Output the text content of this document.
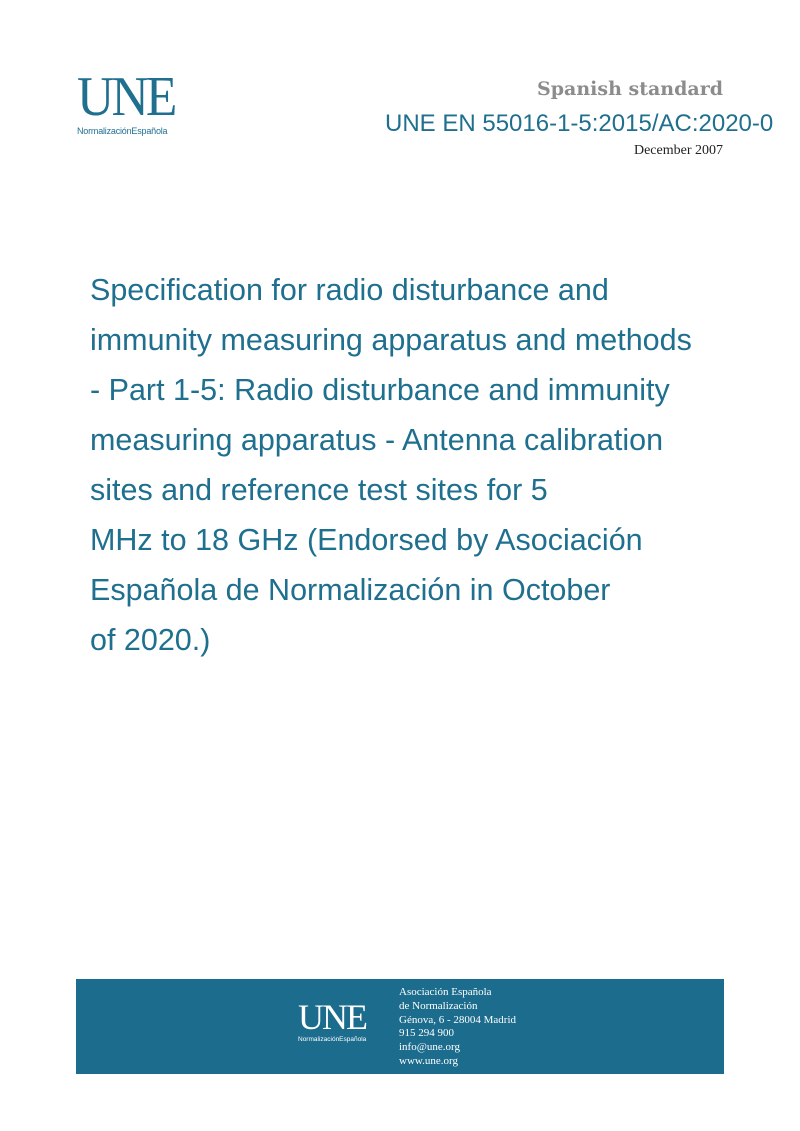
UNE
NormalizaciónEspañola
Spanish standard
UNE EN 55016-1-5:2015/AC:2020-0
December 2007
Specification for radio disturbance and
immunity measuring apparatus and methods
- Part 1-5: Radio disturbance and immunity
measuring apparatus - Antenna calibration
sites and reference test sites for 5
MHz to 18 GHz (Endorsed by Asociación
Española de Normalización in October
of 2020.)
UNE
NormalizaciónEspañola
Asociación Española
de Normalización
Génova, 6 - 28004 Madrid
915 294 900
info@une.org
www.une.org
